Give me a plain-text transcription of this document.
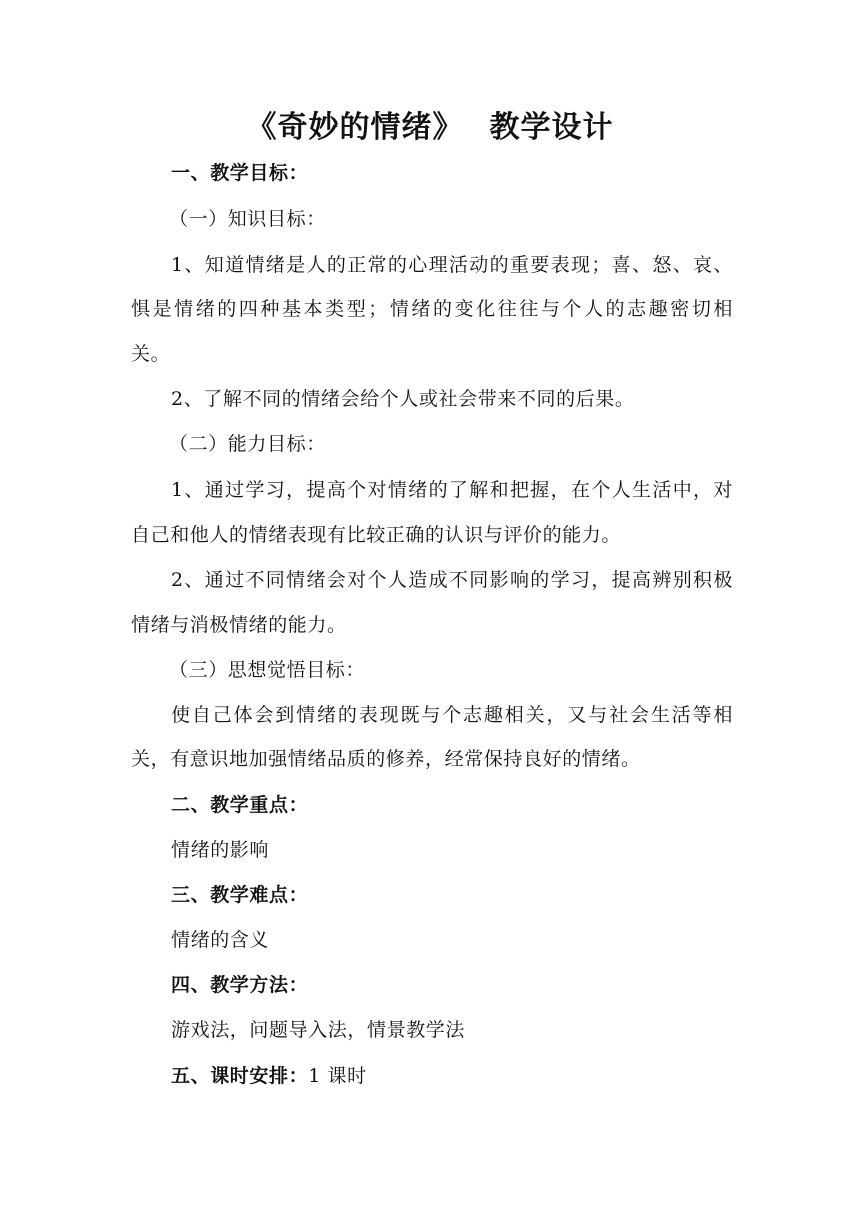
《奇妙的情绪》 教学设计
一、教学目标：
（一）知识目标：
1、知道情绪是人的正常的心理活动的重要表现；喜、怒、哀、
惧是情绪的四种基本类型；情绪的变化往往与个人的志趣密切相
关。
2、了解不同的情绪会给个人或社会带来不同的后果。
（二）能力目标：
1、通过学习，提高个对情绪的了解和把握，在个人生活中，对
自己和他人的情绪表现有比较正确的认识与评价的能力。
2、通过不同情绪会对个人造成不同影响的学习，提高辨别积极
情绪与消极情绪的能力。
（三）思想觉悟目标：
使自己体会到情绪的表现既与个志趣相关，又与社会生活等相
关，有意识地加强情绪品质的修养，经常保持良好的情绪。
二、教学重点：
情绪的影响
三、教学难点：
情绪的含义
四、教学方法：
游戏法，问题导入法，情景教学法
五、课时安排：1 课时
